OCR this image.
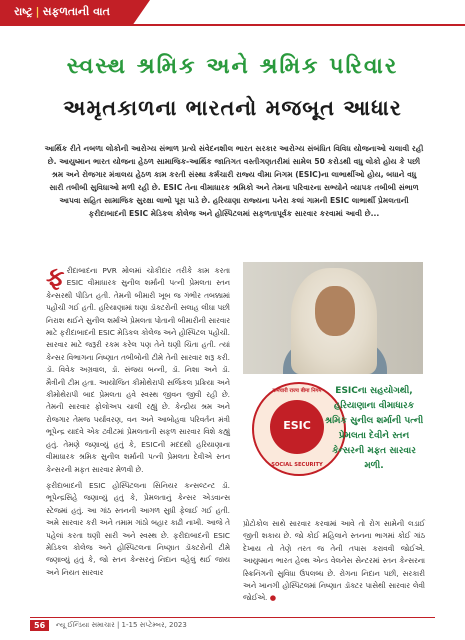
રાષ્ટ્ર | સફળતાની વાત
સ્વસ્થ શ્રમિક અને શ્રમિક પરિવાર
અમૃતકાળના ભારતનો મજબૂત આધાર
આર્થિક રીતે નબળા લોકોની આરોગ્ય સંભાળ પ્રત્યે સંવેદનશીલ ભારત સરકાર આરોગ્ય સંબંધિત વિવિધ યોજનાઓ ચલાવી રહી છે. આયુષ્માન ભારત યોજના હેઠળ સામાજિક-આર્થિક જાતિગત વસ્તીગણતરીમાં સામેલ 50 કરોડથી વધુ લોકો હોય કે પછી શ્રમ અને રોજગાર મંત્રાલય હેઠળ કામ કરતી સંસ્થા કર્મચારી રાજ્ય વીમા નિગમ (ESIC)ના લાભાર્થીઓ હોય, બધાને વધુ સારી તબીબી સુવિધાઓ મળી રહી છે. ESIC તેના વીમાધારક શ્રમિકો અને તેમના પરિવારના સભ્યોને વ્યાપક તબીબી સંભાળ આપવા સહિત સામાજિક સુરક્ષા લાભો પૂરા પાડે છે. હરિયાણા રાજ્યના પનેરા કલાં ગામની ESIC લાભાર્થી પ્રેમલતાની ફરીદાબાદની ESIC મેડિકલ કોલેજ અને હોસ્પિટલમાં સફળતાપૂર્વક સારવાર કરવામાં આવી છે...

ફરીદાબાદના PVR મોલમાં ચોકીદાર તરીકે કામ કરતા ESIC વીમાધારક સુનીલ શર્માની પત્ની પ્રેમલતા સ્તન કેન્સરથી પીડિત હતી. તેમની બીમારી ખૂબ જ ગંભીર તબક્કામાં પહોંચી ગઈ હતી. હરિયાણામાં ઘણા ડૉક્ટરોની સલાહ લીધા પછી નિરાશ થઈને સુનીલ શર્માએ પ્રેમલતા પોતાની બીમારીની સારવાર માટે ફરીદાબાદની ESIC મેડિકલ કોલેજ અને હોસ્પિટલ પહોંચી. સારવાર માટે જરૂરી રકમ કરેલ પણ તેને ઘણી ચિંતા હતી. ત્યાં કેન્સર વિભાગના નિષ્ણાત તબીબોની ટીમે તેની સારવાર શરૂ કરી. ડૉ. વિવેક અગ્રવાલ, ડૉ. સંજય બન્ની, ડૉ. નિશા અને ડૉ. મૈત્રીની ટીમ હતા. આયોજિત કીમોથેરાપી સર્જિકલ પ્રક્રિયા અને કીમોથેરાપી બાદ પ્રેમલતા હવે સ્વસ્થ જીવન જીવી રહી છે. તેમની સારવાર ફોલોઅપ ચાલી રહ્યું છે. કેન્દ્રીય શ્રમ અને રોજગાર તેમજ પર્યાવરણ, વન અને આબોહવા પરિવર્તન મંત્રી ભૂપેન્દ્ર યાદવે એક ટ્વીટમાં પ્રેમલતાની સફળ સારવાર વિશે કહ્યું હતું. તેમણે જણાવ્યું હતું કે, ESICની મદદથી હરિયાણાના વીમાધારક શ્રમિક સુનીલ શર્માની પત્ની પ્રેમલતા દેવીએ સ્તન કેન્સરની મફત સારવાર મેળવી છે.

ફરીદાબાદની ESIC હોસ્પિટલના સિનિયર કન્સલ્ટન્ટ ડૉ. ભૂપેન્દ્રસિંહે જણાવ્યું હતું કે, પ્રેમલતાનું કેન્સર એડવાન્સ સ્ટેજમાં હતું. આ ગાંઠ સ્તનની આગળ સુધી ફેલાઈ ગઈ હતી. અમે સારવાર કરી અને તમામ ગાંઠો બહાર કાઢી નાખી. આજે તે પહેલાં કરતા ઘણી સારી અને સ્વસ્થ છે. ફરીદાબાદની ESIC મેડિકલ કોલેજ અને હોસ્પિટલના નિષ્ણાત ડૉક્ટરોની ટીમે જણાવ્યું હતું કે, જો સ્તન કેન્સરનું નિદાન વહેલું થઈ જાય અને નિયત સારવાર

ESIC
कर्मचारी राज्य बीमा निगम
SOCIAL SECURITY
ESICના સહયોગથી, હરિયાણાના વીમાધારક શ્રમિક સુનીલ શર્માની પત્ની પ્રેમલતા દેવીને સ્તન કેન્સરની મફત સારવાર મળી.
પ્રોટોકોલ સાથે સારવાર કરવામાં આવે તો રોગ સામેની લડાઈ જીતી શકાય છે. જો કોઈ મહિલાને સ્તનના ભાગમાં કોઈ ગાંઠ દેખાય તો તેણે તરત જ તેની તપાસ કરાવવી જોઈએ. આયુષ્માન ભારત હેલ્થ એન્ડ વેલનેસ સેન્ટરમાં સ્તન કેન્સરના સ્ક્રિનિંગની સુવિધા ઉપલબ્ધ છે. રોગના નિદાન પછી, સરકારી અને ખાનગી હોસ્પિટલમાં નિષ્ણાત ડૉક્ટર પાસેથી સારવાર લેવી જોઈએ. ●
56	ન્યૂ ઈન્ડિયા સમાચાર | 1-15 સપ્ટેમ્બર, 2023
